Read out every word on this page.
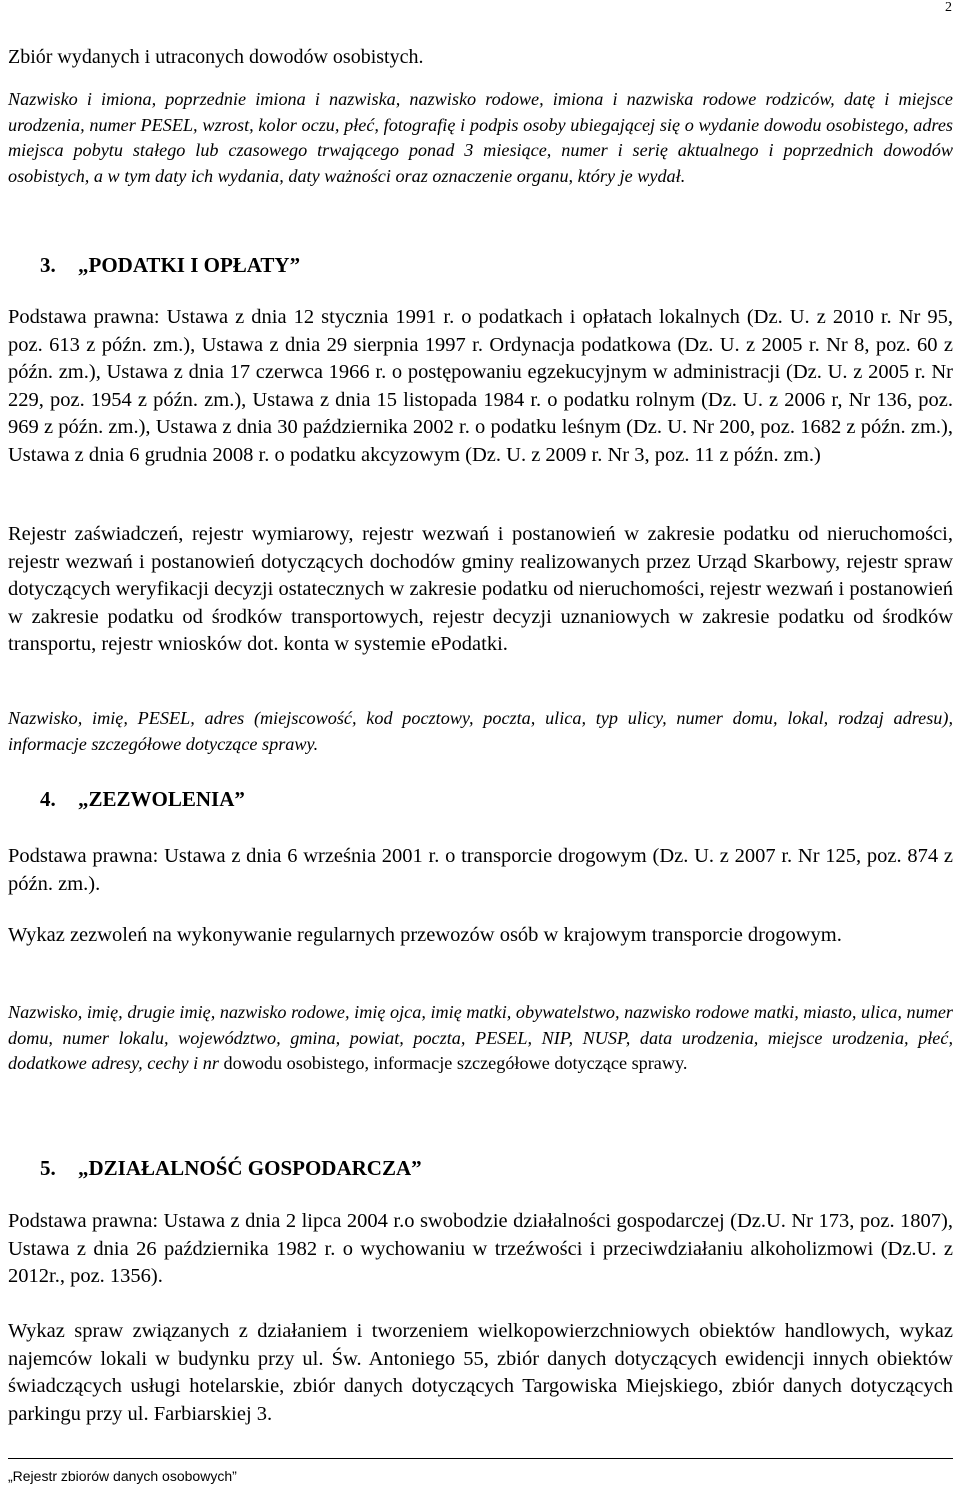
2

Zbiór wydanych i utraconych dowodów osobistych.

Nazwisko i imiona, poprzednie imiona i nazwiska, nazwisko rodowe, imiona i nazwiska rodowe rodziców, datę i miejsce urodzenia, numer PESEL, wzrost, kolor oczu, płeć, fotografię i podpis osoby ubiegającej się o wydanie dowodu osobistego, adres miejsca pobytu stałego lub czasowego trwającego ponad 3 miesiące, numer i serię aktualnego i poprzednich dowodów osobistych, a w tym daty ich wydania, daty ważności oraz oznaczenie organu, który je wydał.

3. „PODATKI I OPŁATY”

Podstawa prawna: Ustawa z dnia 12 stycznia 1991 r. o podatkach i opłatach lokalnych (Dz. U. z 2010 r. Nr 95, poz. 613 z późn. zm.), Ustawa z dnia 29 sierpnia 1997 r. Ordynacja podatkowa (Dz. U. z 2005 r. Nr 8, poz. 60 z późn. zm.), Ustawa z dnia 17 czerwca 1966 r. o postępowaniu egzekucyjnym w administracji (Dz. U. z 2005 r. Nr 229, poz. 1954 z późn. zm.), Ustawa z dnia 15 listopada 1984 r. o podatku rolnym (Dz. U. z 2006 r, Nr 136, poz. 969 z późn. zm.), Ustawa z dnia 30 października 2002 r. o podatku leśnym (Dz. U. Nr 200, poz. 1682 z późn. zm.), Ustawa z dnia 6 grudnia 2008 r. o podatku akcyzowym (Dz. U. z 2009 r. Nr 3, poz. 11 z późn. zm.)

Rejestr zaświadczeń, rejestr wymiarowy, rejestr wezwań i postanowień w zakresie podatku od nieruchomości, rejestr wezwań i postanowień dotyczących dochodów gminy realizowanych przez Urząd Skarbowy, rejestr spraw dotyczących weryfikacji decyzji ostatecznych w zakresie podatku od nieruchomości, rejestr wezwań i postanowień w zakresie podatku od środków transportowych, rejestr decyzji uznaniowych w zakresie podatku od środków transportu, rejestr wniosków dot. konta w systemie ePodatki.

Nazwisko, imię, PESEL, adres (miejscowość, kod pocztowy, poczta, ulica, typ ulicy, numer domu, lokal, rodzaj adresu), informacje szczegółowe dotyczące sprawy.

4. „ZEZWOLENIA”

Podstawa prawna: Ustawa z dnia 6 września 2001 r. o transporcie drogowym (Dz. U. z 2007 r. Nr 125, poz. 874 z późn. zm.).

Wykaz zezwoleń na wykonywanie regularnych przewozów osób w krajowym transporcie drogowym.

Nazwisko, imię, drugie imię, nazwisko rodowe, imię ojca, imię matki, obywatelstwo, nazwisko rodowe matki, miasto, ulica, numer domu, numer lokalu, województwo, gmina, powiat, poczta, PESEL, NIP, NUSP, data urodzenia, miejsce urodzenia, płeć, dodatkowe adresy, cechy i nr dowodu osobistego, informacje szczegółowe dotyczące sprawy.

5. „DZIAŁALNOŚĆ GOSPODARCZA”

Podstawa prawna: Ustawa z dnia 2 lipca 2004 r.o swobodzie działalności gospodarczej (Dz.U. Nr 173, poz. 1807), Ustawa z dnia 26 października 1982 r. o wychowaniu w trzeźwości i przeciwdziałaniu alkoholizmowi (Dz.U. z 2012r., poz. 1356).

Wykaz spraw związanych z działaniem i tworzeniem wielkopowierzchniowych obiektów handlowych, wykaz najemców lokali w budynku przy ul. Św. Antoniego 55, zbiór danych dotyczących ewidencji innych obiektów świadczących usługi hotelarskie, zbiór danych dotyczących Targowiska Miejskiego, zbiór danych dotyczących parkingu przy ul. Farbiarskiej 3.

„Rejestr zbiorów danych osobowych”
